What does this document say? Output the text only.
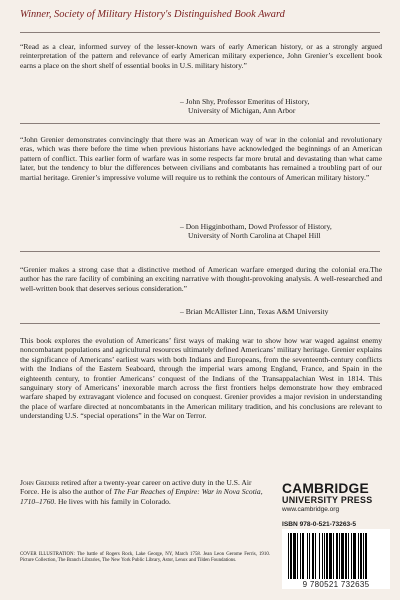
Winner, Society of Military History's Distinguished Book Award
“Read as a clear, informed survey of the lesser-known wars of early American history, or as a strongly argued reinterpretation of the pattern and relevance of early American military experience, John Grenier’s excellent book earns a place on the short shelf of essential books in U.S. military history.”
– John Shy, Professor Emeritus of History,
University of Michigan, Ann Arbor
“John Grenier demonstrates convincingly that there was an American way of war in the colonial and revolutionary eras, which was there before the time when previous historians have acknowledged the beginnings of an American pattern of conflict. This earlier form of warfare was in some respects far more brutal and devastating than what came later, but the tendency to blur the differences between civilians and combatants has remained a troubling part of our martial heritage. Grenier’s impressive volume will require us to rethink the contours of American military history.”
– Don Higginbotham, Dowd Professor of History,
University of North Carolina at Chapel Hill
“Grenier makes a strong case that a distinctive method of American warfare emerged during the colonial era.The author has the rare facility of combining an exciting narrative with thought-provoking analysis. A well-researched and well-written book that deserves serious consideration.”
– Brian McAllister Linn, Texas A&M University
This book explores the evolution of Americans’ first ways of making war to show how war waged against enemy noncombatant populations and agricultural resources ultimately defined Americans’ military heritage. Grenier explains the significance of Americans’ earliest wars with both Indians and Europeans, from the seventeenth-century conflicts with the Indians of the Eastern Seaboard, through the imperial wars among England, France, and Spain in the eighteenth century, to frontier Americans’ conquest of the Indians of the Transappalachian West in 1814. This sanguinary story of Americans’ inexorable march across the first frontiers helps demonstrate how they embraced warfare shaped by extravagant violence and focused on conquest. Grenier provides a major revision in understanding the place of warfare directed at noncombatants in the American military tradition, and his conclusions are relevant to understanding U.S. “special operations” in the War on Terror.
John Grenier retired after a twenty-year career on active duty in the U.S. Air Force. He is also the author of The Far Reaches of Empire: War in Nova Scotia, 1710–1760. He lives with his family in Colorado.
COVER ILLUSTRATION: The battle of Rogers Rock, Lake George, NY, March 1758. Jean Leon Gerome Ferris, 1910. Picture Collection, The Branch Libraries, The New York Public Library, Astor, Lenox and Tilden Foundations.
CAMBRIDGE
UNIVERSITY PRESS
www.cambridge.org
ISBN 978-0-521-73263-5
9 780521 732635
